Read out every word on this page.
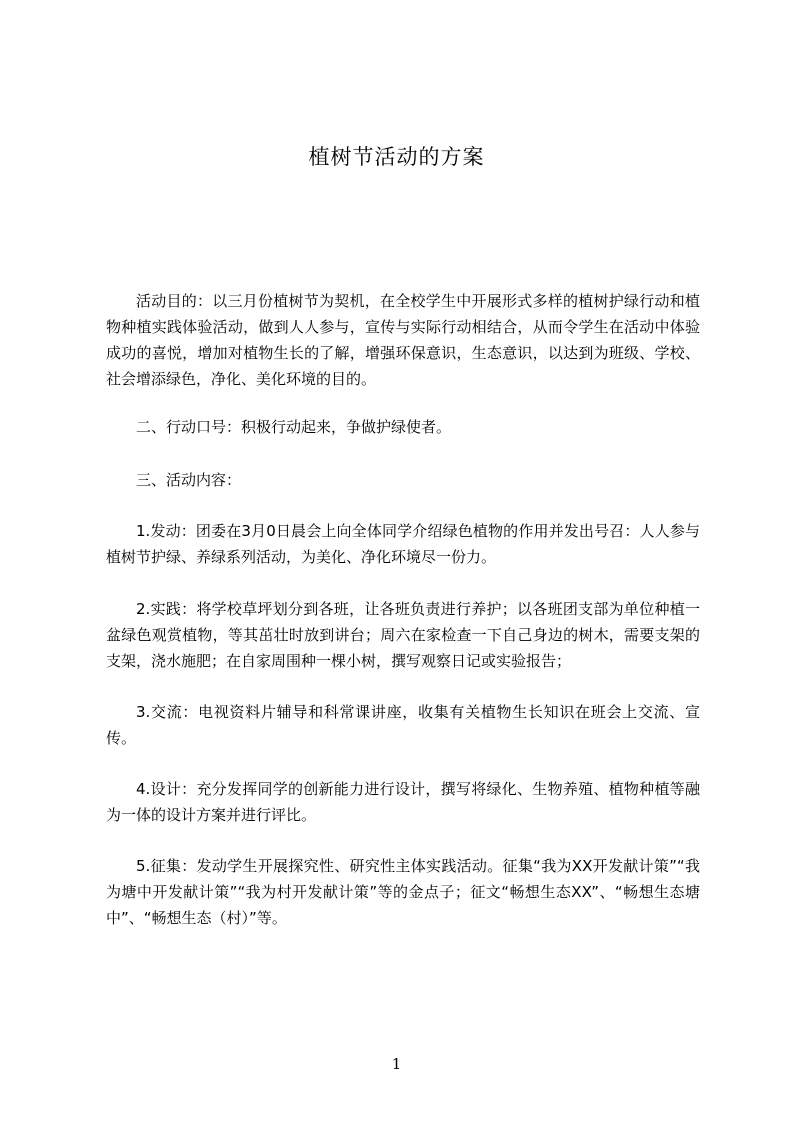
植树节活动的方案

活动目的：以三月份植树节为契机，在全校学生中开展形式多样的植树护绿行动和植物种植实践体验活动，做到人人参与，宣传与实际行动相结合，从而令学生在活动中体验成功的喜悦，增加对植物生长的了解，增强环保意识，生态意识，以达到为班级、学校、社会增添绿色，净化、美化环境的目的。

二、行动口号：积极行动起来，争做护绿使者。

三、活动内容：

1.发动：团委在3月0日晨会上向全体同学介绍绿色植物的作用并发出号召：人人参与植树节护绿、养绿系列活动，为美化、净化环境尽一份力。

2.实践：将学校草坪划分到各班，让各班负责进行养护；以各班团支部为单位种植一盆绿色观赏植物，等其茁壮时放到讲台；周六在家检查一下自己身边的树木，需要支架的支架，浇水施肥；在自家周围种一棵小树，撰写观察日记或实验报告；

3.交流：电视资料片辅导和科常课讲座，收集有关植物生长知识在班会上交流、宣传。

4.设计：充分发挥同学的创新能力进行设计，撰写将绿化、生物养殖、植物种植等融为一体的设计方案并进行评比。

5.征集：发动学生开展探究性、研究性主体实践活动。征集“我为XX开发献计策”“我为塘中开发献计策”“我为村开发献计策”等的金点子；征文“畅想生态XX”、“畅想生态塘中”、“畅想生态（村）”等。

1
